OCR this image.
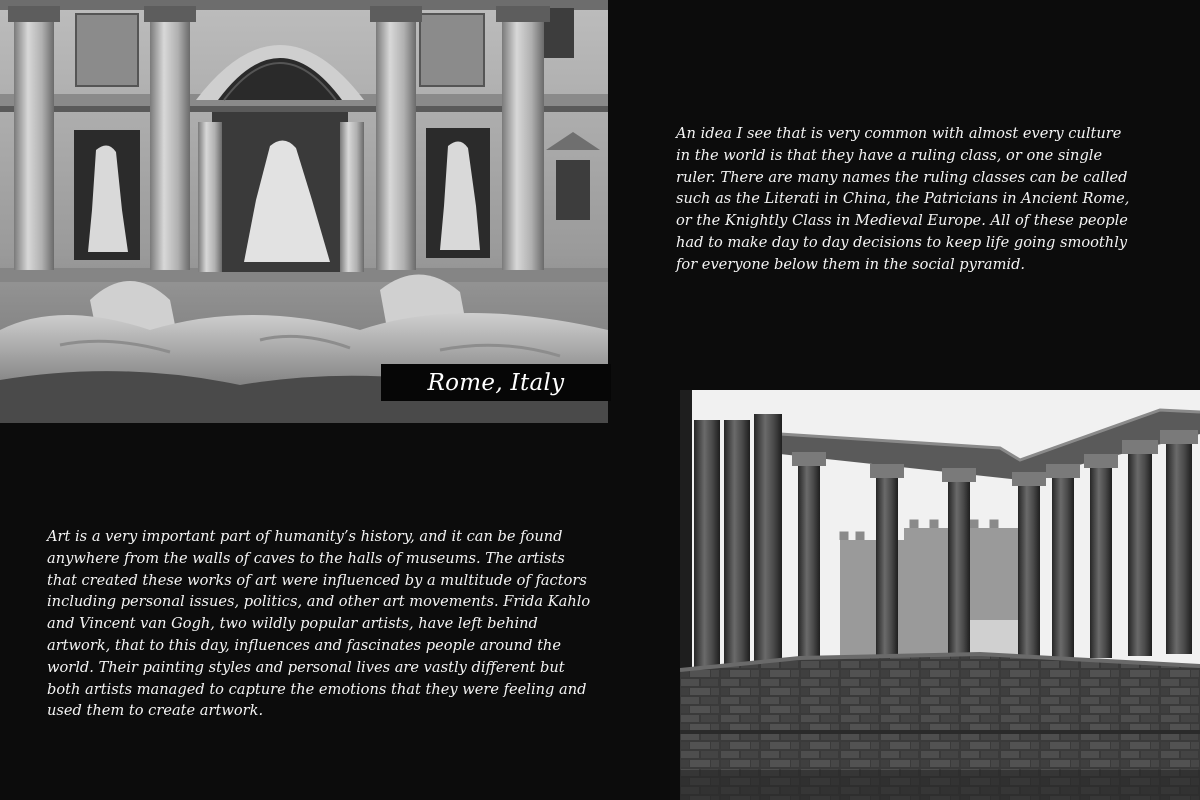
Rome, Italy

An idea I see that is very common with almost every culture
in the world is that they have a ruling class, or one single
ruler. There are many names the ruling classes can be called
such as the Literati in China, the Patricians in Ancient Rome,
or the Knightly Class in Medieval Europe. All of these people
had to make day to day decisions to keep life going smoothly
for everyone below them in the social pyramid.

Art is a very important part of humanity’s history, and it can be found
anywhere from the walls of caves to the halls of museums. The artists
that created these works of art were influenced by a multitude of factors
including personal issues, politics, and other art movements. Frida Kahlo
and Vincent van Gogh, two wildly popular artists, have left behind
artwork, that to this day, influences and fascinates people around the
world. Their painting styles and personal lives are vastly different but
both artists managed to capture the emotions that they were feeling and
used them to create artwork.
